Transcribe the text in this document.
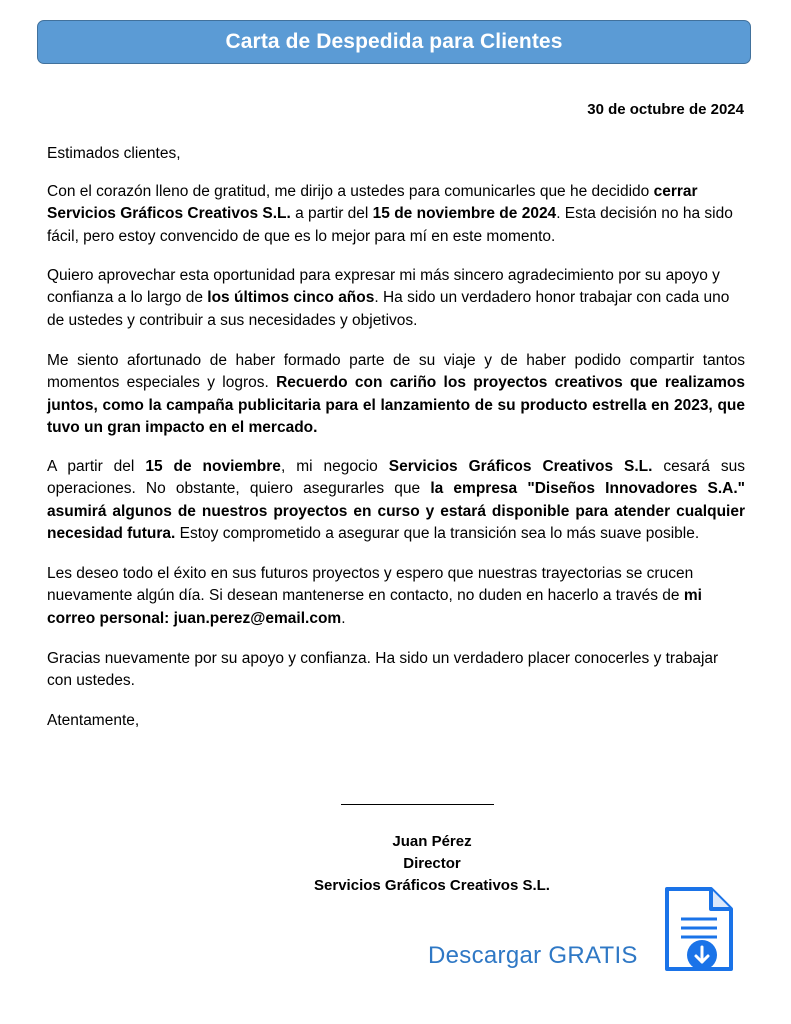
Carta de Despedida para Clientes
30 de octubre de 2024
Estimados clientes,
Con el corazón lleno de gratitud, me dirijo a ustedes para comunicarles que he decidido cerrar Servicios Gráficos Creativos S.L. a partir del 15 de noviembre de 2024. Esta decisión no ha sido fácil, pero estoy convencido de que es lo mejor para mí en este momento.
Quiero aprovechar esta oportunidad para expresar mi más sincero agradecimiento por su apoyo y confianza a lo largo de los últimos cinco años. Ha sido un verdadero honor trabajar con cada uno de ustedes y contribuir a sus necesidades y objetivos.
Me siento afortunado de haber formado parte de su viaje y de haber podido compartir tantos momentos especiales y logros. Recuerdo con cariño los proyectos creativos que realizamos juntos, como la campaña publicitaria para el lanzamiento de su producto estrella en 2023, que tuvo un gran impacto en el mercado.
A partir del 15 de noviembre, mi negocio Servicios Gráficos Creativos S.L. cesará sus operaciones. No obstante, quiero asegurarles que la empresa "Diseños Innovadores S.A." asumirá algunos de nuestros proyectos en curso y estará disponible para atender cualquier necesidad futura. Estoy comprometido a asegurar que la transición sea lo más suave posible.
Les deseo todo el éxito en sus futuros proyectos y espero que nuestras trayectorias se crucen nuevamente algún día. Si desean mantenerse en contacto, no duden en hacerlo a través de mi correo personal: juan.perez@email.com.
Gracias nuevamente por su apoyo y confianza. Ha sido un verdadero placer conocerles y trabajar con ustedes.
Atentamente,
Juan Pérez
Director
Servicios Gráficos Creativos S.L.
Descargar GRATIS
